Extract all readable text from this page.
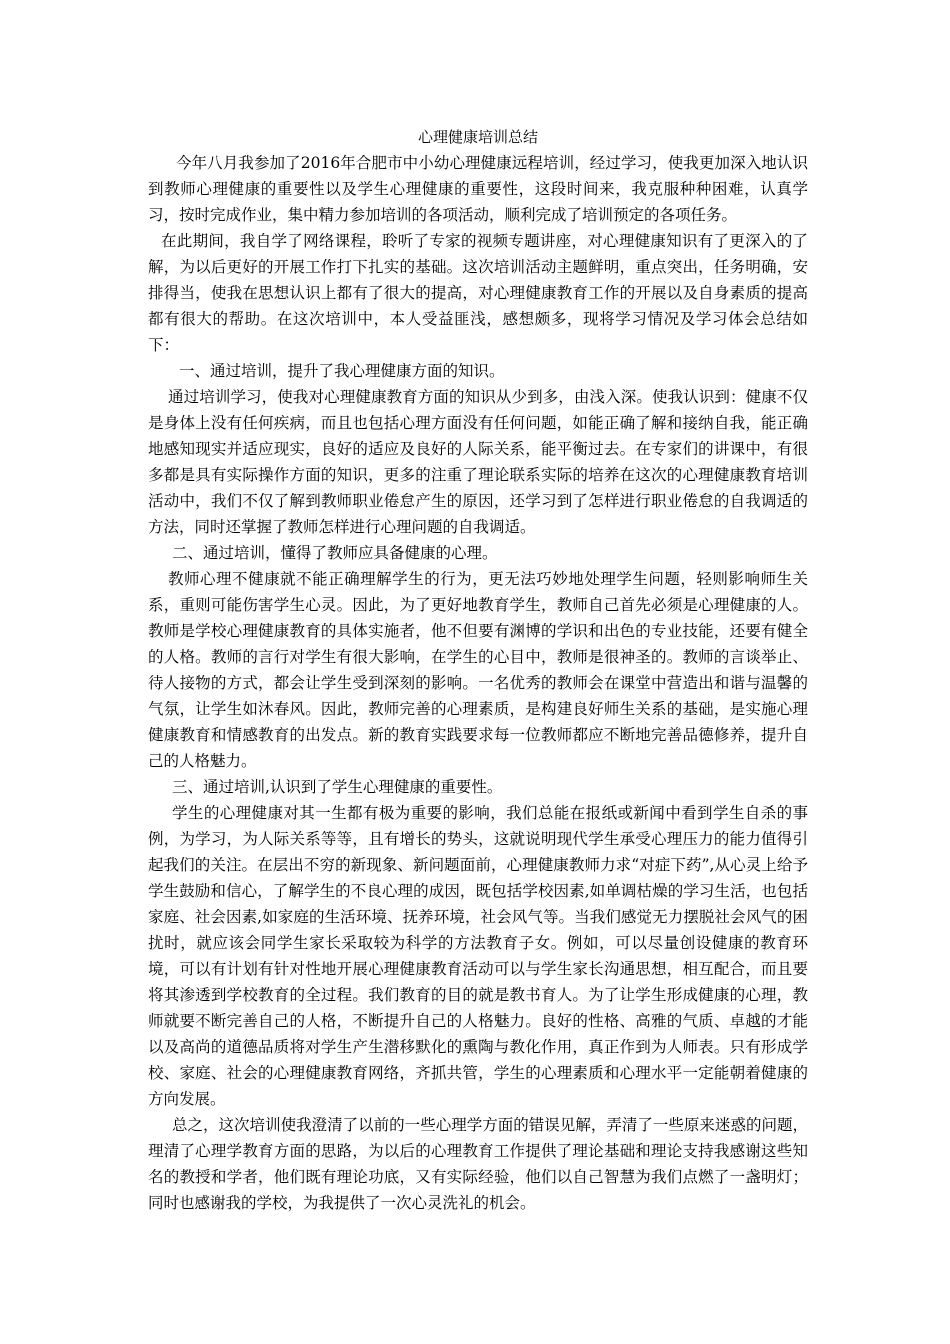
心理健康培训总结

今年八月我参加了2016年合肥市中小幼心理健康远程培训，经过学习，使我更加深入地认识到教师心理健康的重要性以及学生心理健康的重要性，这段时间来，我克服种种困难，认真学习，按时完成作业，集中精力参加培训的各项活动，顺利完成了培训预定的各项任务。

在此期间，我自学了网络课程，聆听了专家的视频专题讲座，对心理健康知识有了更深入的了解，为以后更好的开展工作打下扎实的基础。这次培训活动主题鲜明，重点突出，任务明确，安排得当，使我在思想认识上都有了很大的提高，对心理健康教育工作的开展以及自身素质的提高都有很大的帮助。在这次培训中，本人受益匪浅，感想颇多，现将学习情况及学习体会总结如下：

一、通过培训，提升了我心理健康方面的知识。

通过培训学习，使我对心理健康教育方面的知识从少到多，由浅入深。使我认识到：健康不仅是身体上没有任何疾病，而且也包括心理方面没有任何问题，如能正确了解和接纳自我，能正确地感知现实并适应现实，良好的适应及良好的人际关系，能平衡过去。在专家们的讲课中，有很多都是具有实际操作方面的知识，更多的注重了理论联系实际的培养在这次的心理健康教育培训活动中，我们不仅了解到教师职业倦怠产生的原因，还学习到了怎样进行职业倦怠的自我调适的方法，同时还掌握了教师怎样进行心理问题的自我调适。

二、通过培训，懂得了教师应具备健康的心理。

教师心理不健康就不能正确理解学生的行为，更无法巧妙地处理学生问题，轻则影响师生关系，重则可能伤害学生心灵。因此，为了更好地教育学生，教师自己首先必须是心理健康的人。教师是学校心理健康教育的具体实施者，他不但要有渊博的学识和出色的专业技能，还要有健全的人格。教师的言行对学生有很大影响，在学生的心目中，教师是很神圣的。教师的言谈举止、待人接物的方式，都会让学生受到深刻的影响。一名优秀的教师会在课堂中营造出和谐与温馨的气氛，让学生如沐春风。因此，教师完善的心理素质，是构建良好师生关系的基础，是实施心理健康教育和情感教育的出发点。新的教育实践要求每一位教师都应不断地完善品德修养，提升自己的人格魅力。

三、通过培训,认识到了学生心理健康的重要性。

学生的心理健康对其一生都有极为重要的影响，我们总能在报纸或新闻中看到学生自杀的事例，为学习，为人际关系等等，且有增长的势头，这就说明现代学生承受心理压力的能力值得引起我们的关注。在层出不穷的新现象、新问题面前，心理健康教师力求“对症下药”,从心灵上给予学生鼓励和信心，了解学生的不良心理的成因，既包括学校因素,如单调枯燥的学习生活，也包括家庭、社会因素,如家庭的生活环境、抚养环境，社会风气等。当我们感觉无力摆脱社会风气的困扰时，就应该会同学生家长采取较为科学的方法教育子女。例如，可以尽量创设健康的教育环境，可以有计划有针对性地开展心理健康教育活动可以与学生家长沟通思想，相互配合，而且要将其渗透到学校教育的全过程。我们教育的目的就是教书育人。为了让学生形成健康的心理，教师就要不断完善自己的人格，不断提升自己的人格魅力。良好的性格、高雅的气质、卓越的才能以及高尚的道德品质将对学生产生潜移默化的熏陶与教化作用，真正作到为人师表。只有形成学校、家庭、社会的心理健康教育网络，齐抓共管，学生的心理素质和心理水平一定能朝着健康的方向发展。

总之，这次培训使我澄清了以前的一些心理学方面的错误见解，弄清了一些原来迷惑的问题，理清了心理学教育方面的思路，为以后的心理教育工作提供了理论基础和理论支持我感谢这些知名的教授和学者，他们既有理论功底，又有实际经验，他们以自己智慧为我们点燃了一盏明灯；同时也感谢我的学校，为我提供了一次心灵洗礼的机会。
